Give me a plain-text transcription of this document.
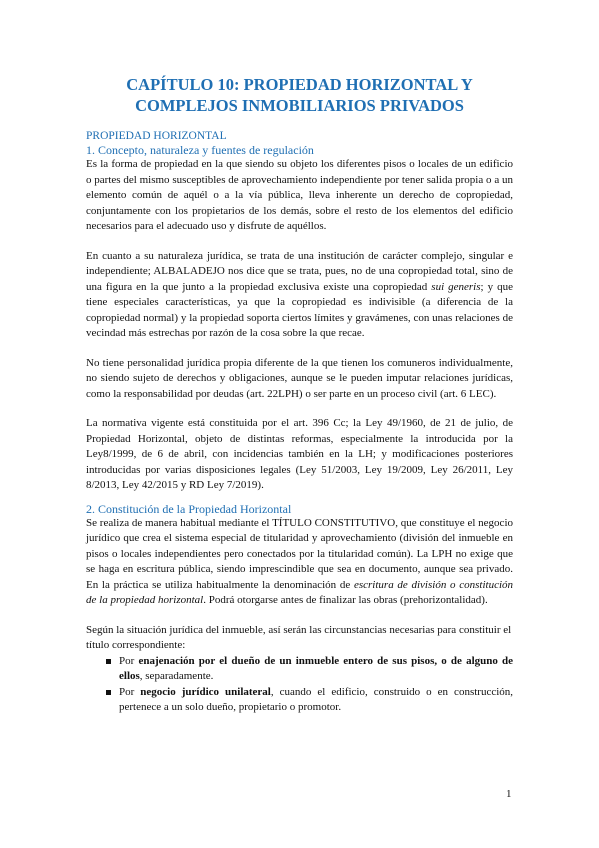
CAPÍTULO 10: PROPIEDAD HORIZONTAL Y
COMPLEJOS INMOBILIARIOS PRIVADOS
PROPIEDAD HORIZONTAL
1. Concepto, naturaleza y fuentes de regulación

Es la forma de propiedad en la que siendo su objeto los diferentes pisos o locales de un edificio o partes del mismo susceptibles de aprovechamiento independiente por tener salida propia o a un elemento común de aquél o a la vía pública, lleva inherente un derecho de copropiedad, conjuntamente con los propietarios de los demás, sobre el resto de los elementos del edificio necesarios para el adecuado uso y disfrute de aquéllos.

En cuanto a su naturaleza jurídica, se trata de una institución de carácter complejo, singular e independiente; ALBALADEJO nos dice que se trata, pues, no de una copropiedad total, sino de una figura en la que junto a la propiedad exclusiva existe una copropiedad sui generis; y que tiene especiales características, ya que la copropiedad es indivisible (a diferencia de la copropiedad normal) y la propiedad soporta ciertos límites y gravámenes, con unas relaciones de vecindad más estrechas por razón de la cosa sobre la que recae.

No tiene personalidad jurídica propia diferente de la que tienen los comuneros individualmente, no siendo sujeto de derechos y obligaciones, aunque se le pueden imputar relaciones jurídicas, como la responsabilidad por deudas (art. 22LPH) o ser parte en un proceso civil (art. 6 LEC).

La normativa vigente está constituida por el art. 396 Cc; la Ley 49/1960, de 21 de julio, de Propiedad Horizontal, objeto de distintas reformas, especialmente la introducida por la Ley8/1999, de 6 de abril, con incidencias también en la LH; y modificaciones posteriores introducidas por varias disposiciones legales (Ley 51/2003, Ley 19/2009, Ley 26/2011, Ley 8/2013, Ley 42/2015 y RD Ley 7/2019).

2. Constitución de la Propiedad Horizontal

Se realiza de manera habitual mediante el TÍTULO CONSTITUTIVO, que constituye el negocio jurídico que crea el sistema especial de titularidad y aprovechamiento (división del inmueble en pisos o locales independientes pero conectados por la titularidad común). La LPH no exige que se haga en escritura pública, siendo imprescindible que sea en documento, aunque sea privado. En la práctica se utiliza habitualmente la denominación de escritura de división o constitución de la propiedad horizontal. Podrá otorgarse antes de finalizar las obras (prehorizontalidad).

Según la situación jurídica del inmueble, así serán las circunstancias necesarias para constituir el título correspondiente:

Por enajenación por el dueño de un inmueble entero de sus pisos, o de alguno de ellos, separadamente.
Por negocio jurídico unilateral, cuando el edificio, construido o en construcción, pertenece a un solo dueño, propietario o promotor.
1
